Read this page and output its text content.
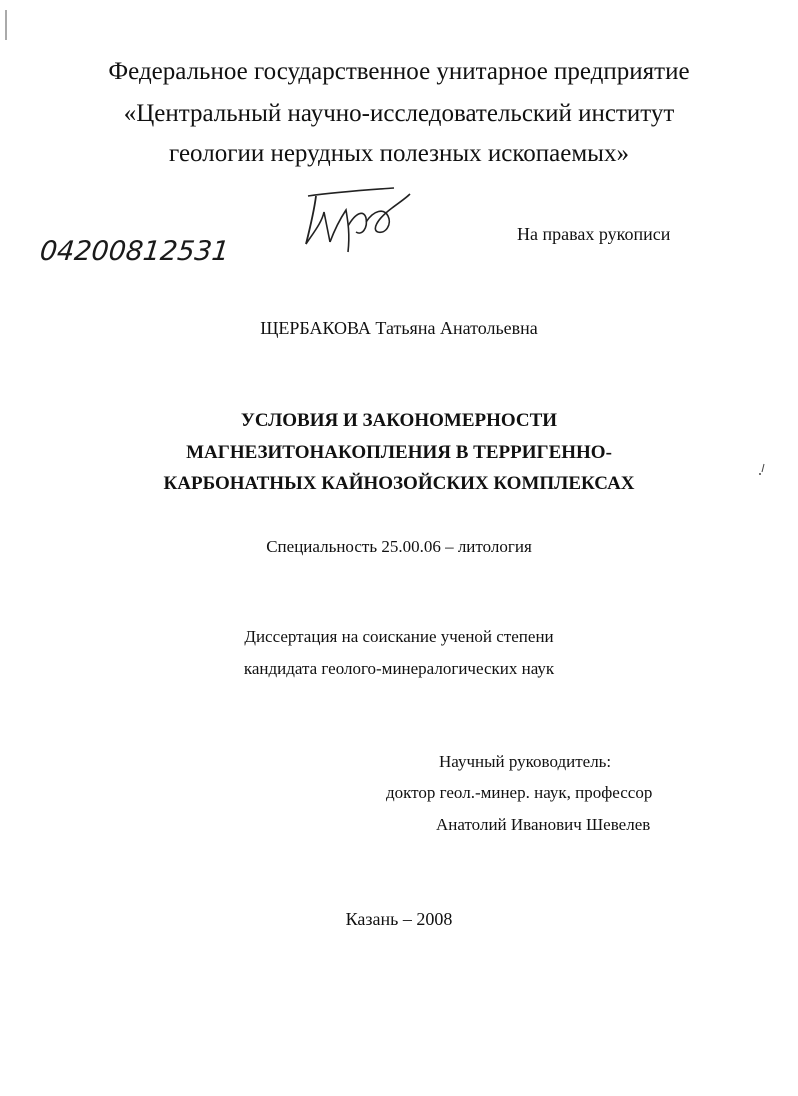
Федеральное государственное унитарное предприятие
«Центральный научно-исследовательский институт
геологии нерудных полезных ископаемых»
04200812531
На правах рукописи
ЩЕРБАКОВА Татьяна Анатольевна
УСЛОВИЯ И ЗАКОНОМЕРНОСТИ
МАГНЕЗИТОНАКОПЛЕНИЯ В ТЕРРИГЕННО-
КАРБОНАТНЫХ КАЙНОЗОЙСКИХ КОМПЛЕКСАХ
Специальность 25.00.06 – литология
Диссертация на соискание ученой степени
кандидата геолого-минералогических наук
Научный руководитель:
доктор геол.-минер. наук, профессор
Анатолий Иванович Шевелев
Казань – 2008
